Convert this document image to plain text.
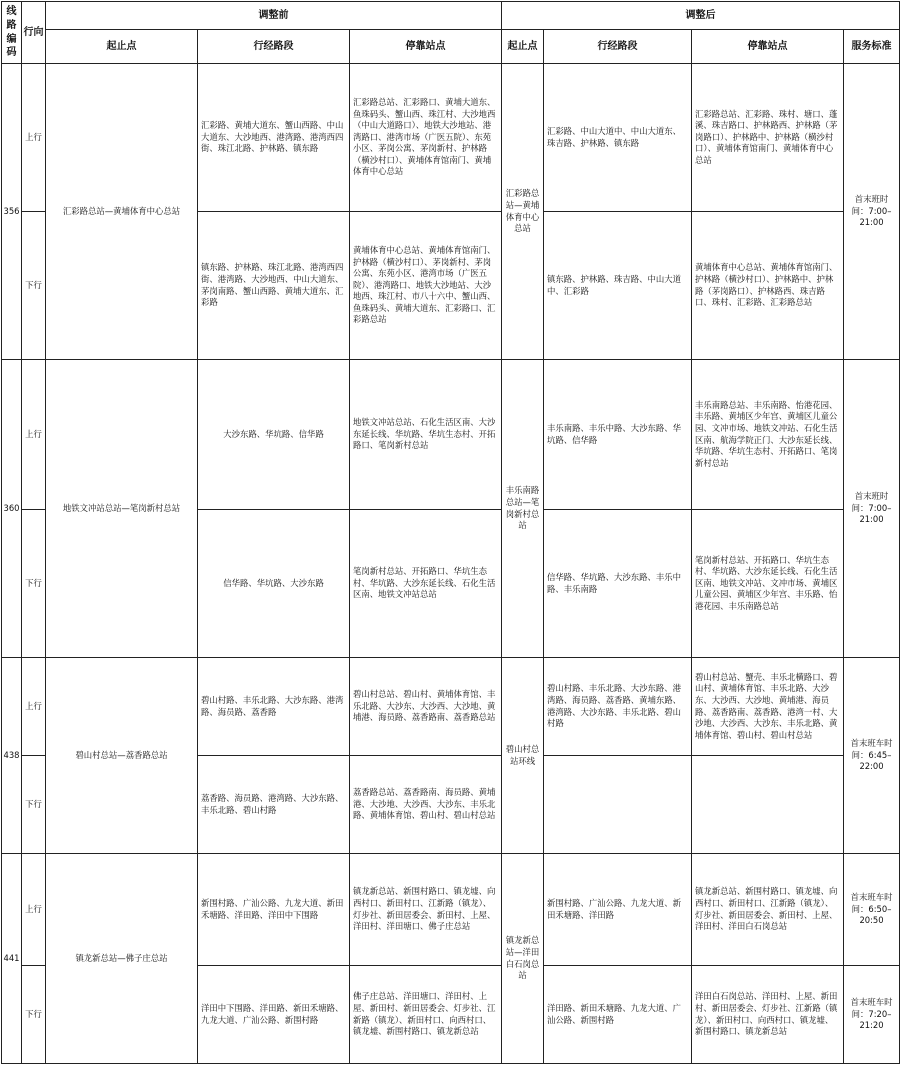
线路编码	行向	调整前			调整后			
		起止点	行经路段	停靠站点	起止点	行经路段	停靠站点	服务标准
356	上行	汇彩路总站—黄埔体育中心总站	汇彩路、黄埔大道东、蟹山西路、中山大道东、大沙地西、港湾路、港湾西四街、珠江北路、护林路、镇东路	汇彩路总站、汇彩路口、黄埔大道东、鱼珠码头、蟹山西、珠江村、大沙地西（中山大道路口）、地铁大沙地站、港湾路口、港湾市场（广医五院）、东苑小区、茅岗公寓、茅岗新村、护林路（横沙村口）、黄埔体育馆南门、黄埔体育中心总站	汇彩路总站—黄埔体育中心总站	汇彩路、中山大道中、中山大道东、珠吉路、护林路、镇东路	汇彩路总站、汇彩路、珠村、塘口、蓬溪、珠吉路口、护林路西、护林路（茅岗路口）、护林路中、护林路（横沙村口）、黄埔体育馆南门、黄埔体育中心总站	首末班时间：7:00–21:00
	下行		镇东路、护林路、珠江北路、港湾西四街、港湾路、大沙地西、中山大道东、茅岗南路、蟹山西路、黄埔大道东、汇彩路	黄埔体育中心总站、黄埔体育馆南门、护林路（横沙村口）、茅岗新村、茅岗公寓、东苑小区、港湾市场（广医五院）、港湾路口、地铁大沙地站、大沙地西、珠江村、市八十六中、蟹山西、鱼珠码头、黄埔大道东、汇彩路口、汇彩路总站		镇东路、护林路、珠吉路、中山大道中、汇彩路	黄埔体育中心总站、黄埔体育馆南门、护林路（横沙村口）、护林路中、护林路（茅岗路口）、护林路西、珠吉路口、珠村、汇彩路、汇彩路总站	
360	上行	地铁文冲站总站—笔岗新村总站	大沙东路、华坑路、信华路	地铁文冲站总站、石化生活区南、大沙东延长线、华坑路、华坑生态村、开拓路口、笔岗新村总站	丰乐南路总站—笔岗新村总站	丰乐南路、丰乐中路、大沙东路、华坑路、信华路	丰乐南路总站、丰乐南路、怡港花园、丰乐路、黄埔区少年宫、黄埔区儿童公园、文冲市场、地铁文冲站、石化生活区南、航海学院正门、大沙东延长线、华坑路、华坑生态村、开拓路口、笔岗新村总站	首末班时间：7:00–21:00
	下行		信华路、华坑路、大沙东路	笔岗新村总站、开拓路口、华坑生态村、华坑路、大沙东延长线、石化生活区南、地铁文冲站总站		信华路、华坑路、大沙东路、丰乐中路、丰乐南路	笔岗新村总站、开拓路口、华坑生态村、华坑路、大沙东延长线、石化生活区南、地铁文冲站、文冲市场、黄埔区儿童公园、黄埔区少年宫、丰乐路、怡港花园、丰乐南路总站	
438	上行	碧山村总站—荔香路总站	碧山村路、丰乐北路、大沙东路、港湾路、海员路、荔香路	碧山村总站、碧山村、黄埔体育馆、丰乐北路、大沙东、大沙西、大沙地、黄埔港、海员路、荔香路南、荔香路总站	碧山村总站环线	碧山村路、丰乐北路、大沙东路、港湾路、海员路、荔香路、黄埔东路、港湾路、大沙东路、丰乐北路、碧山村路	碧山村总站、蟹壳、丰乐北横路口、碧山村、黄埔体育馆、丰乐北路、大沙东、大沙西、大沙地、黄埔港、海员路、荔香路南、荔香路、港湾一村、大沙地、大沙西、大沙东、丰乐北路、黄埔体育馆、碧山村、碧山村总站	首末班车时间：6:45–22:00
	下行		荔香路、海员路、港湾路、大沙东路、丰乐北路、碧山村路	荔香路总站、荔香路南、海员路、黄埔港、大沙地、大沙西、大沙东、丰乐北路、黄埔体育馆、碧山村、碧山村总站				
441	上行	镇龙新总站—佛子庄总站	新围村路、广汕公路、九龙大道、新田禾塘路、洋田路、洋田中下围路	镇龙新总站、新围村路口、镇龙墟、向西村口、新田村口、江新路（镇龙）、灯步社、新田居委会、新田村、上屋、洋田村、洋田塘口、佛子庄总站	镇龙新总站—洋田白石岗总站	新围村路、广汕公路、九龙大道、新田禾塘路、洋田路	镇龙新总站、新围村路口、镇龙墟、向西村口、新田村口、江新路（镇龙）、灯步社、新田居委会、新田村、上屋、洋田村、洋田白石岗总站	首末班车时间：6:50–20:50
	下行		洋田中下围路、洋田路、新田禾塘路、九龙大道、广汕公路、新围村路	佛子庄总站、洋田塘口、洋田村、上屋、新田村、新田居委会、灯步社、江新路（镇龙）、新田村口、向西村口、镇龙墟、新围村路口、镇龙新总站		洋田路、新田禾塘路、九龙大道、广汕公路、新围村路	洋田白石岗总站、洋田村、上屋、新田村、新田居委会、灯步社、江新路（镇龙）、新田村口、向西村口、镇龙墟、新围村路口、镇龙新总站	首末班车时间：7:20–21:20
